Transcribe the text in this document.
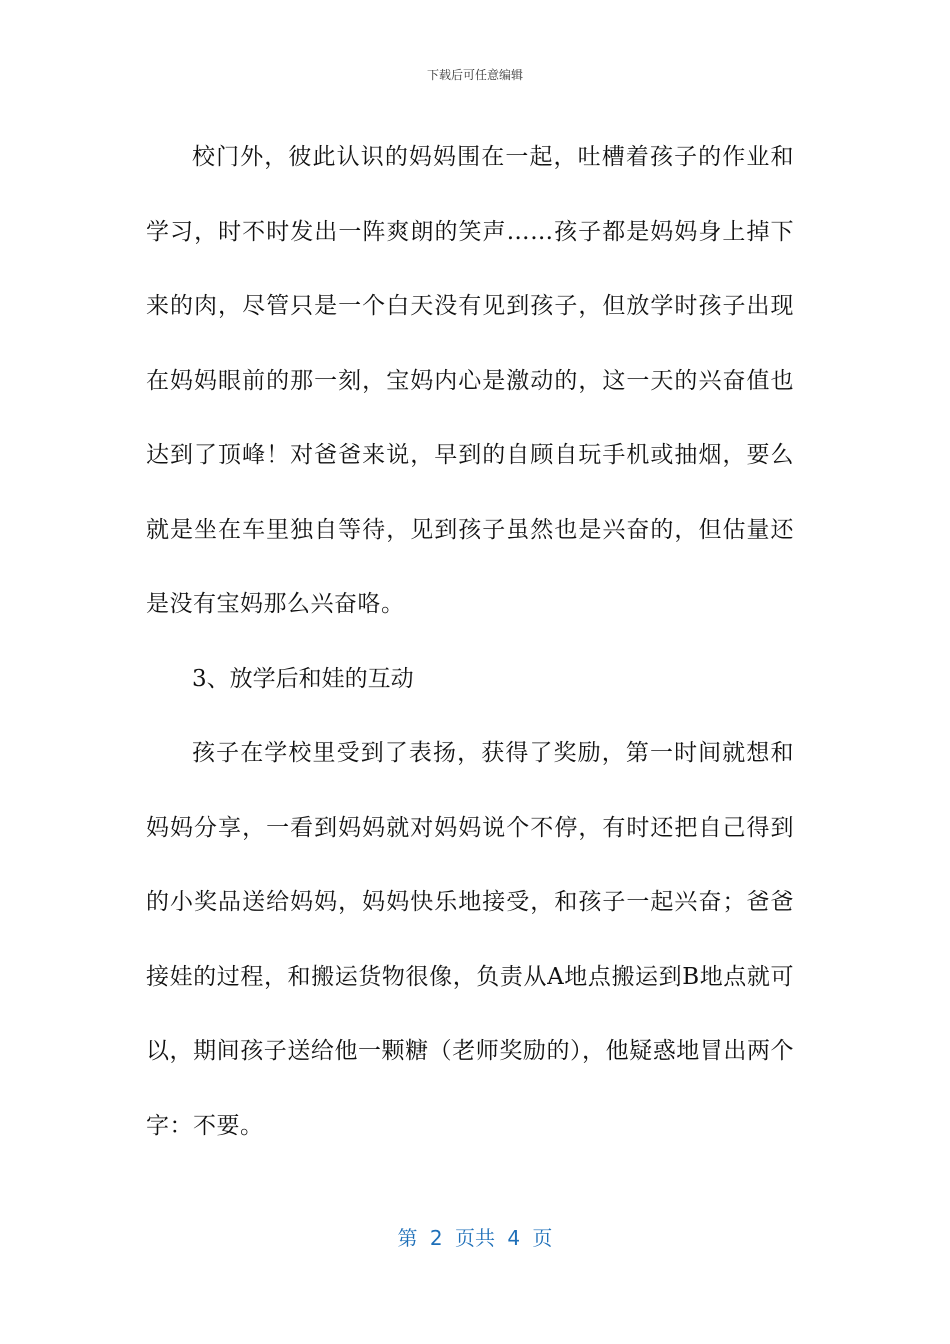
下载后可任意编辑

校门外，彼此认识的妈妈围在一起，吐槽着孩子的作业和学习，时不时发出一阵爽朗的笑声……孩子都是妈妈身上掉下来的肉，尽管只是一个白天没有见到孩子，但放学时孩子出现在妈妈眼前的那一刻，宝妈内心是激动的，这一天的兴奋值也达到了顶峰！对爸爸来说，早到的自顾自玩手机或抽烟，要么就是坐在车里独自等待，见到孩子虽然也是兴奋的，但估量还是没有宝妈那么兴奋咯。

3、放学后和娃的互动

孩子在学校里受到了表扬，获得了奖励，第一时间就想和妈妈分享，一看到妈妈就对妈妈说个不停，有时还把自己得到的小奖品送给妈妈，妈妈快乐地接受，和孩子一起兴奋；爸爸接娃的过程，和搬运货物很像，负责从A地点搬运到B地点就可以，期间孩子送给他一颗糖（老师奖励的），他疑惑地冒出两个字：不要。

第 2 页共 4 页
